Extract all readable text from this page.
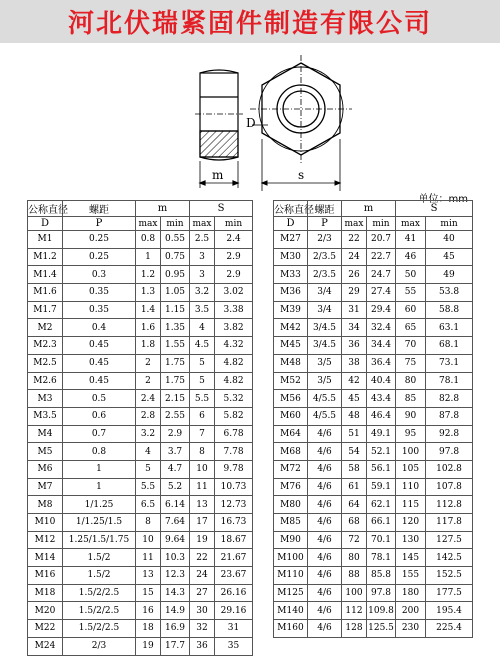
河北伏瑞紧固件制造有限公司
m
D
s
单位：mm
公称直径	螺距	m		S	
D	P	max	min	max	min
M1	0.25	0.8	0.55	2.5	2.4
M1.2	0.25	1	0.75	3	2.9
M1.4	0.3	1.2	0.95	3	2.9
M1.6	0.35	1.3	1.05	3.2	3.02
M1.7	0.35	1.4	1.15	3.5	3.38
M2	0.4	1.6	1.35	4	3.82
M2.3	0.45	1.8	1.55	4.5	4.32
M2.5	0.45	2	1.75	5	4.82
M2.6	0.45	2	1.75	5	4.82
M3	0.5	2.4	2.15	5.5	5.32
M3.5	0.6	2.8	2.55	6	5.82
M4	0.7	3.2	2.9	7	6.78
M5	0.8	4	3.7	8	7.78
M6	1	5	4.7	10	9.78
M7	1	5.5	5.2	11	10.73
M8	1/1.25	6.5	6.14	13	12.73
M10	1/1.25/1.5	8	7.64	17	16.73
M12	1.25/1.5/1.75	10	9.64	19	18.67
M14	1.5/2	11	10.3	22	21.67
M16	1.5/2	13	12.3	24	23.67
M18	1.5/2/2.5	15	14.3	27	26.16
M20	1.5/2/2.5	16	14.9	30	29.16
M22	1.5/2/2.5	18	16.9	32	31
M24	2/3	19	17.7	36	35
公称直径	螺距	m		S	
D	P	max	min	max	min
M27	2/3	22	20.7	41	40
M30	2/3.5	24	22.7	46	45
M33	2/3.5	26	24.7	50	49
M36	3/4	29	27.4	55	53.8
M39	3/4	31	29.4	60	58.8
M42	3/4.5	34	32.4	65	63.1
M45	3/4.5	36	34.4	70	68.1
M48	3/5	38	36.4	75	73.1
M52	3/5	42	40.4	80	78.1
M56	4/5.5	45	43.4	85	82.8
M60	4/5.5	48	46.4	90	87.8
M64	4/6	51	49.1	95	92.8
M68	4/6	54	52.1	100	97.8
M72	4/6	58	56.1	105	102.8
M76	4/6	61	59.1	110	107.8
M80	4/6	64	62.1	115	112.8
M85	4/6	68	66.1	120	117.8
M90	4/6	72	70.1	130	127.5
M100	4/6	80	78.1	145	142.5
M110	4/6	88	85.8	155	152.5
M125	4/6	100	97.8	180	177.5
M140	4/6	112	109.8	200	195.4
M160	4/6	128	125.5	230	225.4
